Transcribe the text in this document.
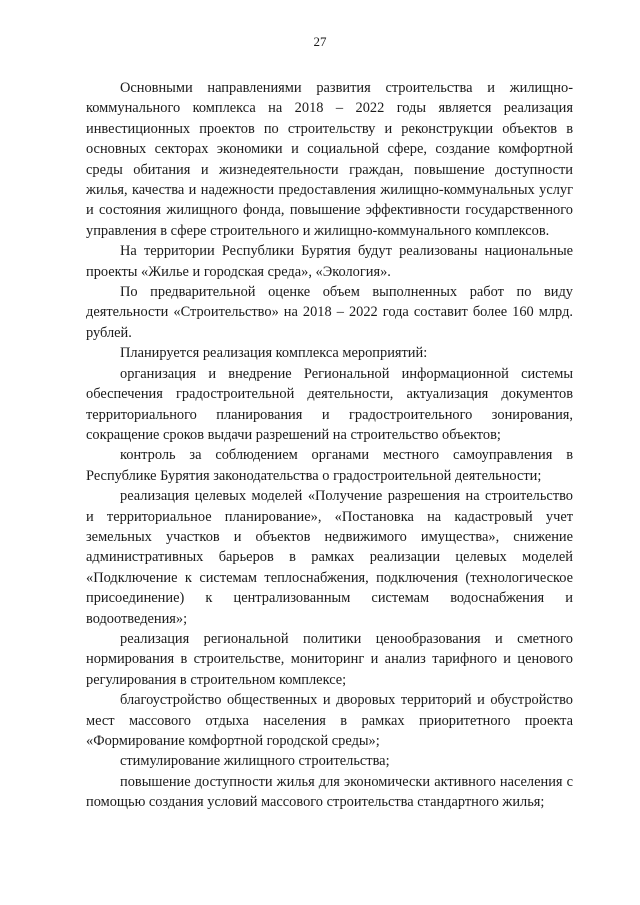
27

Основными направлениями развития строительства и жилищно-коммунального комплекса на 2018 – 2022 годы является реализация инвестиционных проектов по строительству и реконструкции объектов в основных секторах экономики и социальной сфере, создание комфортной среды обитания и жизнедеятельности граждан, повышение доступности жилья, качества и надежности предоставления жилищно-коммунальных услуг и состояния жилищного фонда, повышение эффективности государственного управления в сфере строительного и жилищно-коммунального комплексов.

На территории Республики Бурятия будут реализованы национальные проекты «Жилье и городская среда», «Экология».

По предварительной оценке объем выполненных работ по виду деятельности «Строительство» на 2018 – 2022 года составит более 160 млрд. рублей.

Планируется реализация комплекса мероприятий:

организация и внедрение Региональной информационной системы обеспечения градостроительной деятельности, актуализация документов территориального планирования и градостроительного зонирования, сокращение сроков выдачи разрешений на строительство объектов;

контроль за соблюдением органами местного самоуправления в Республике Бурятия законодательства о градостроительной деятельности;

реализация целевых моделей «Получение разрешения на строительство и территориальное планирование», «Постановка на кадастровый учет земельных участков и объектов недвижимого имущества», снижение административных барьеров в рамках реализации целевых моделей «Подключение к системам теплоснабжения, подключения (технологическое присоединение) к централизованным системам водоснабжения и водоотведения»;

реализация региональной политики ценообразования и сметного нормирования в строительстве, мониторинг и анализ тарифного и ценового регулирования в строительном комплексе;

благоустройство общественных и дворовых территорий и обустройство мест массового отдыха населения в рамках приоритетного проекта «Формирование комфортной городской среды»;

стимулирование жилищного строительства;

повышение доступности жилья для экономически активного населения с помощью создания условий массового строительства стандартного жилья;
